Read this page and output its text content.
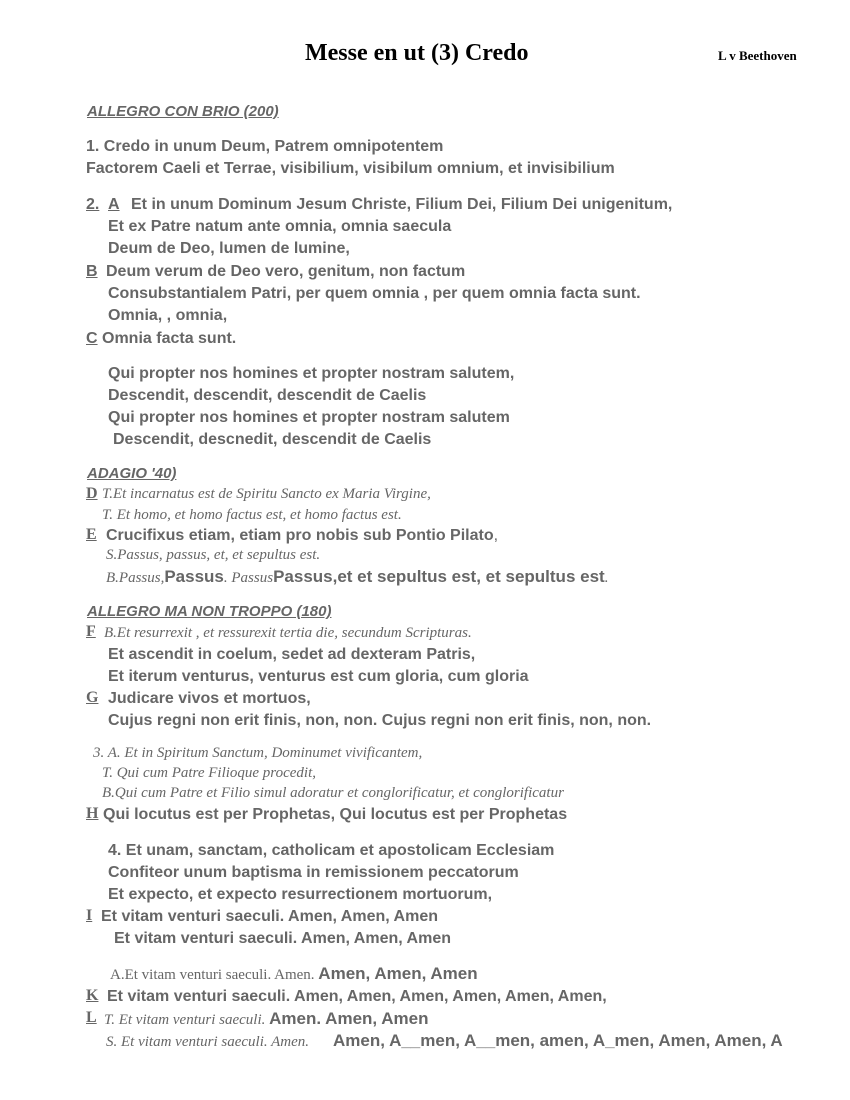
Messe en ut (3) Credo	L v Beethoven
ALLEGRO CON BRIO (200)
1. Credo in unum Deum, Patrem omnipotentem
Factorem Caeli et Terrae, visibilium, visibilum omnium, et invisibilium
2. A Et in unum Dominum Jesum Christe, Filium Dei, Filium Dei unigenitum,
Et ex Patre natum ante omnia, omnia saecula
Deum de Deo, lumen de lumine,
B Deum verum de Deo vero, genitum, non factum
Consubstantialem Patri, per quem omnia , per quem omnia facta sunt.
Omnia, , omnia,
C Omnia facta sunt.
Qui propter nos homines et propter nostram salutem,
Descendit, descendit, descendit de Caelis
Qui propter nos homines et propter nostram salutem
Descendit, descnedit, descendit de Caelis
ADAGIO '40)
D T.Et incarnatus est de Spiritu Sancto ex Maria Virgine,
T. Et homo, et homo factus est, et homo factus est.
E Crucifixus etiam, etiam pro nobis sub Pontio Pilato,
S.Passus, passus, et, et sepultus est.
B.Passus,Passus. PassusPassus,et et sepultus est, et sepultus est.
ALLEGRO MA NON TROPPO (180)
F B.Et resurrexit , et ressurexit tertia die, secundum Scripturas.
Et ascendit in coelum, sedet ad dexteram Patris,
Et iterum venturus, venturus est cum gloria, cum gloria
G Judicare vivos et mortuos,
Cujus regni non erit finis, non, non. Cujus regni non erit finis, non, non.
3. A. Et in Spiritum Sanctum, Dominumet vivificantem,
T. Qui cum Patre Filioque procedit,
B.Qui cum Patre et Filio simul adoratur et conglorificatur, et conglorificatur
H Qui locutus est per Prophetas, Qui locutus est per Prophetas
4. Et unam, sanctam, catholicam et apostolicam Ecclesiam
Confiteor unum baptisma in remissionem peccatorum
Et expecto, et expecto resurrectionem mortuorum,
I Et vitam venturi saeculi. Amen, Amen, Amen
Et vitam venturi saeculi. Amen, Amen, Amen
A.Et vitam venturi saeculi. Amen. Amen, Amen, Amen
K Et vitam venturi saeculi. Amen, Amen, Amen, Amen, Amen, Amen,
L T. Et vitam venturi saeculi. Amen. Amen, Amen
S. Et vitam venturi saeculi. Amen. Amen, A__men, A__men, amen, A_men, Amen, Amen, A
